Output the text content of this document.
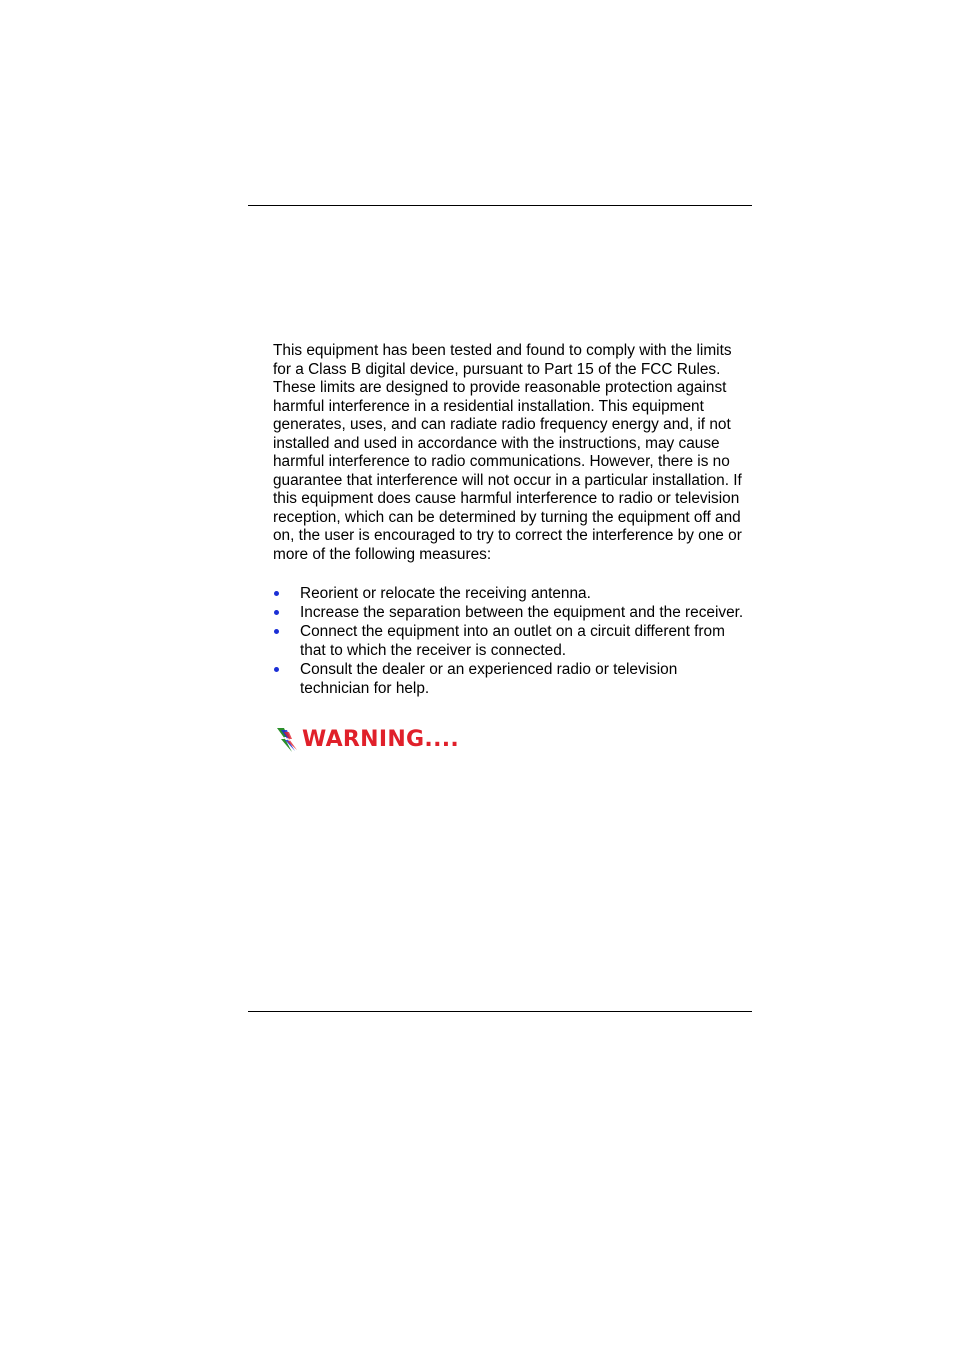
This equipment has been tested and found to comply with the limits for a Class B digital device, pursuant to Part 15 of the FCC Rules. These limits are designed to provide reasonable protection against harmful interference in a residential installation. This equipment generates, uses, and can radiate radio frequency energy and, if not installed and used in accordance with the instructions, may cause harmful interference to radio communications. However, there is no guarantee that interference will not occur in a particular installation. If this equipment does cause harmful interference to radio or television reception, which can be determined by turning the equipment off and on, the user is encouraged to try to correct the interference by one or more of the following measures:

Reorient or relocate the receiving antenna.
Increase the separation between the equipment and the receiver.
Connect the equipment into an outlet on a circuit different from that to which the receiver is connected.
Consult the dealer or an experienced radio or television technician for help.
WARNING....
